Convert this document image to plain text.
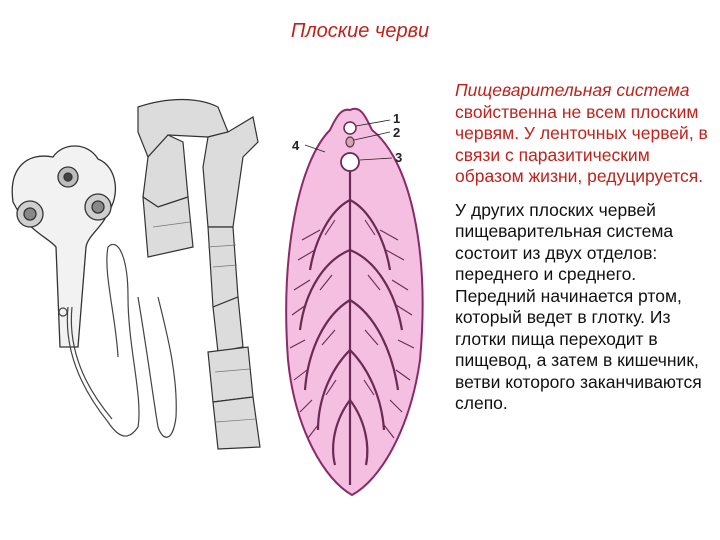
Плоские черви
1
2
3
4

Пищеварительная система свойственна не всем плоским червям. У ленточных червей, в связи с паразитическим образом жизни, редуцируется.

У других плоских червей пищеварительная система состоит из двух отделов: переднего и среднего. Передний начинается ртом, который ведет в глотку. Из глотки пища переходит в пищевод, а затем в кишечник, ветви которого заканчиваются слепо.
